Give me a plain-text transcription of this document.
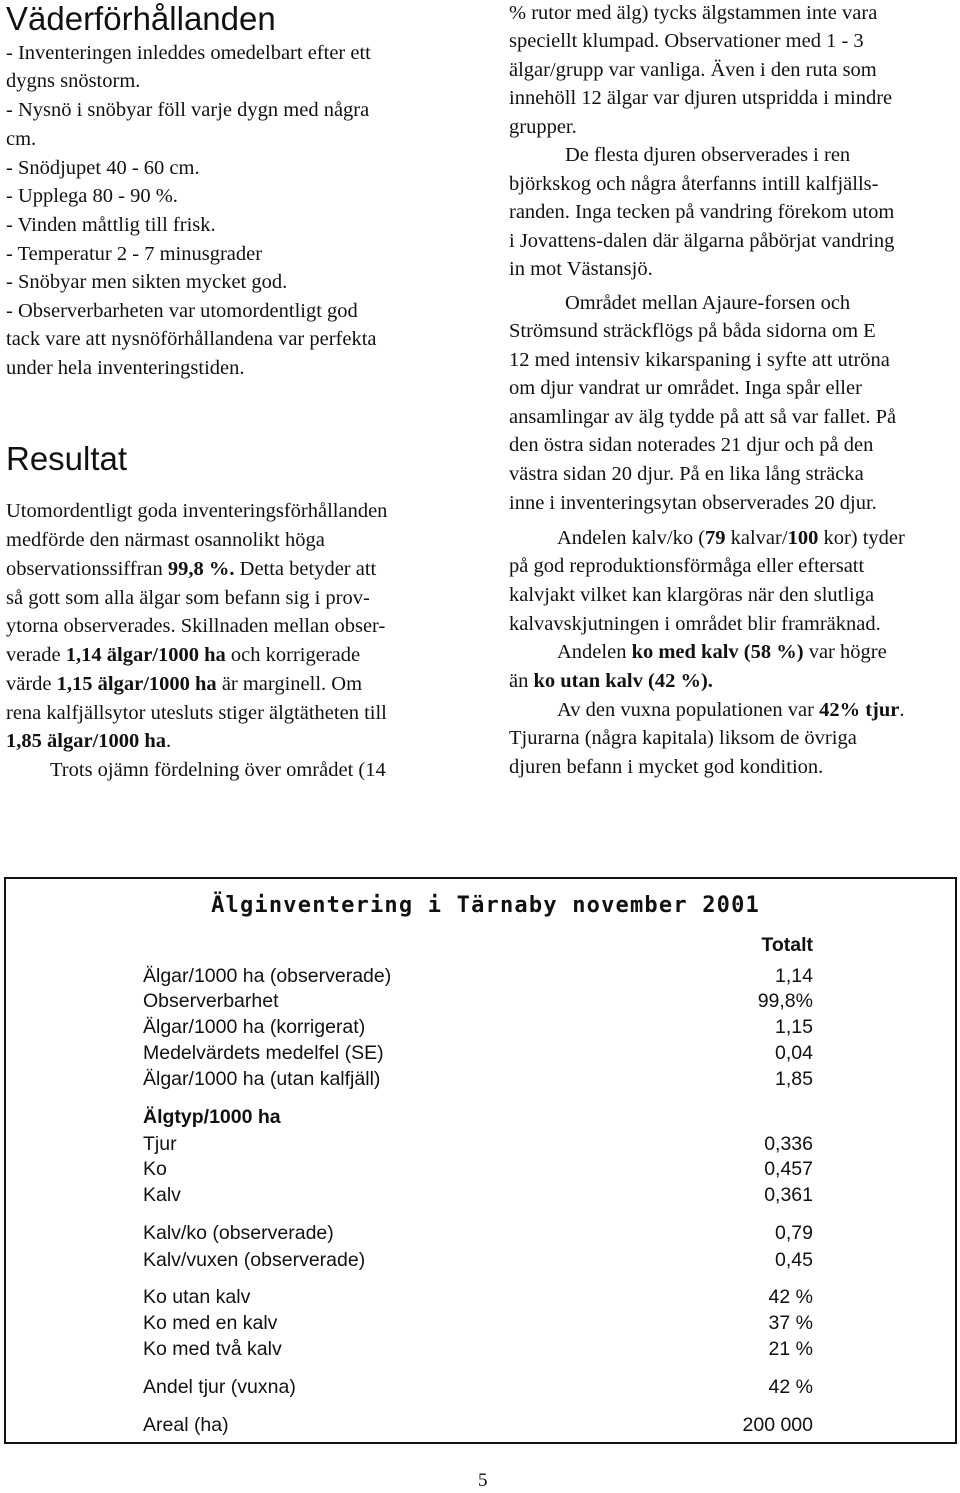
Väderförhållanden
- Inventeringen inleddes omedelbart efter ett
dygns snöstorm.
- Nysnö i snöbyar föll varje dygn med några
cm.
- Snödjupet 40 - 60 cm.
- Upplega 80 - 90 %.
- Vinden måttlig till frisk.
- Temperatur 2 - 7 minusgrader
- Snöbyar men sikten mycket god.
- Observerbarheten var utomordentligt god
tack vare att nysnöförhållandena var perfekta
under hela inventeringstiden.
Resultat
Utomordentligt goda inventeringsförhållanden
medförde den närmast osannolikt höga
observationssiffran 99,8 %. Detta betyder att
så gott som alla älgar som befann sig i prov-
ytorna observerades. Skillnaden mellan obser-
verade 1,14 älgar/1000 ha och korrigerade
värde 1,15 älgar/1000 ha är marginell. Om
rena kalfjällsytor utesluts stiger älgtätheten till
1,85 älgar/1000 ha.
Trots ojämn fördelning över området (14
% rutor med älg) tycks älgstammen inte vara
speciellt klumpad. Observationer med 1 - 3
älgar/grupp var vanliga. Även i den ruta som
innehöll 12 älgar var djuren utspridda i mindre
grupper.
De flesta djuren observerades i ren
björkskog och några återfanns intill kalfjälls-
randen. Inga tecken på vandring förekom utom
i Jovattens-dalen där älgarna påbörjat vandring
in mot Västansjö.
Området mellan Ajaure-forsen och
Strömsund sträckflögs på båda sidorna om E
12 med intensiv kikarspaning i syfte att utröna
om djur vandrat ur området. Inga spår eller
ansamlingar av älg tydde på att så var fallet. På
den östra sidan noterades 21 djur och på den
västra sidan 20 djur. På en lika lång sträcka
inne i inventeringsytan observerades 20 djur.
Andelen kalv/ko (79 kalvar/100 kor) tyder
på god reproduktionsförmåga eller eftersatt
kalvjakt vilket kan klargöras när den slutliga
kalvavskjutningen i området blir framräknad.
Andelen ko med kalv (58 %) var högre
än ko utan kalv (42 %).
Av den vuxna populationen var 42% tjur.
Tjurarna (några kapitala) liksom de övriga
djuren befann i mycket god kondition.
Älginventering i Tärnaby november 2001
Totalt
Älgar/1000 ha (observerade)	1,14
Observerbarhet	99,8%
Älgar/1000 ha (korrigerat)	1,15
Medelvärdets medelfel (SE)	0,04
Älgar/1000 ha (utan kalfjäll)	1,85
Älgtyp/1000 ha
Tjur	0,336
Ko	0,457
Kalv	0,361
Kalv/ko (observerade)	0,79
Kalv/vuxen (observerade)	0,45
Ko utan kalv	42 %
Ko med en kalv	37 %
Ko med två kalv	21 %
Andel tjur (vuxna)	42 %
Areal (ha)	200 000
5
